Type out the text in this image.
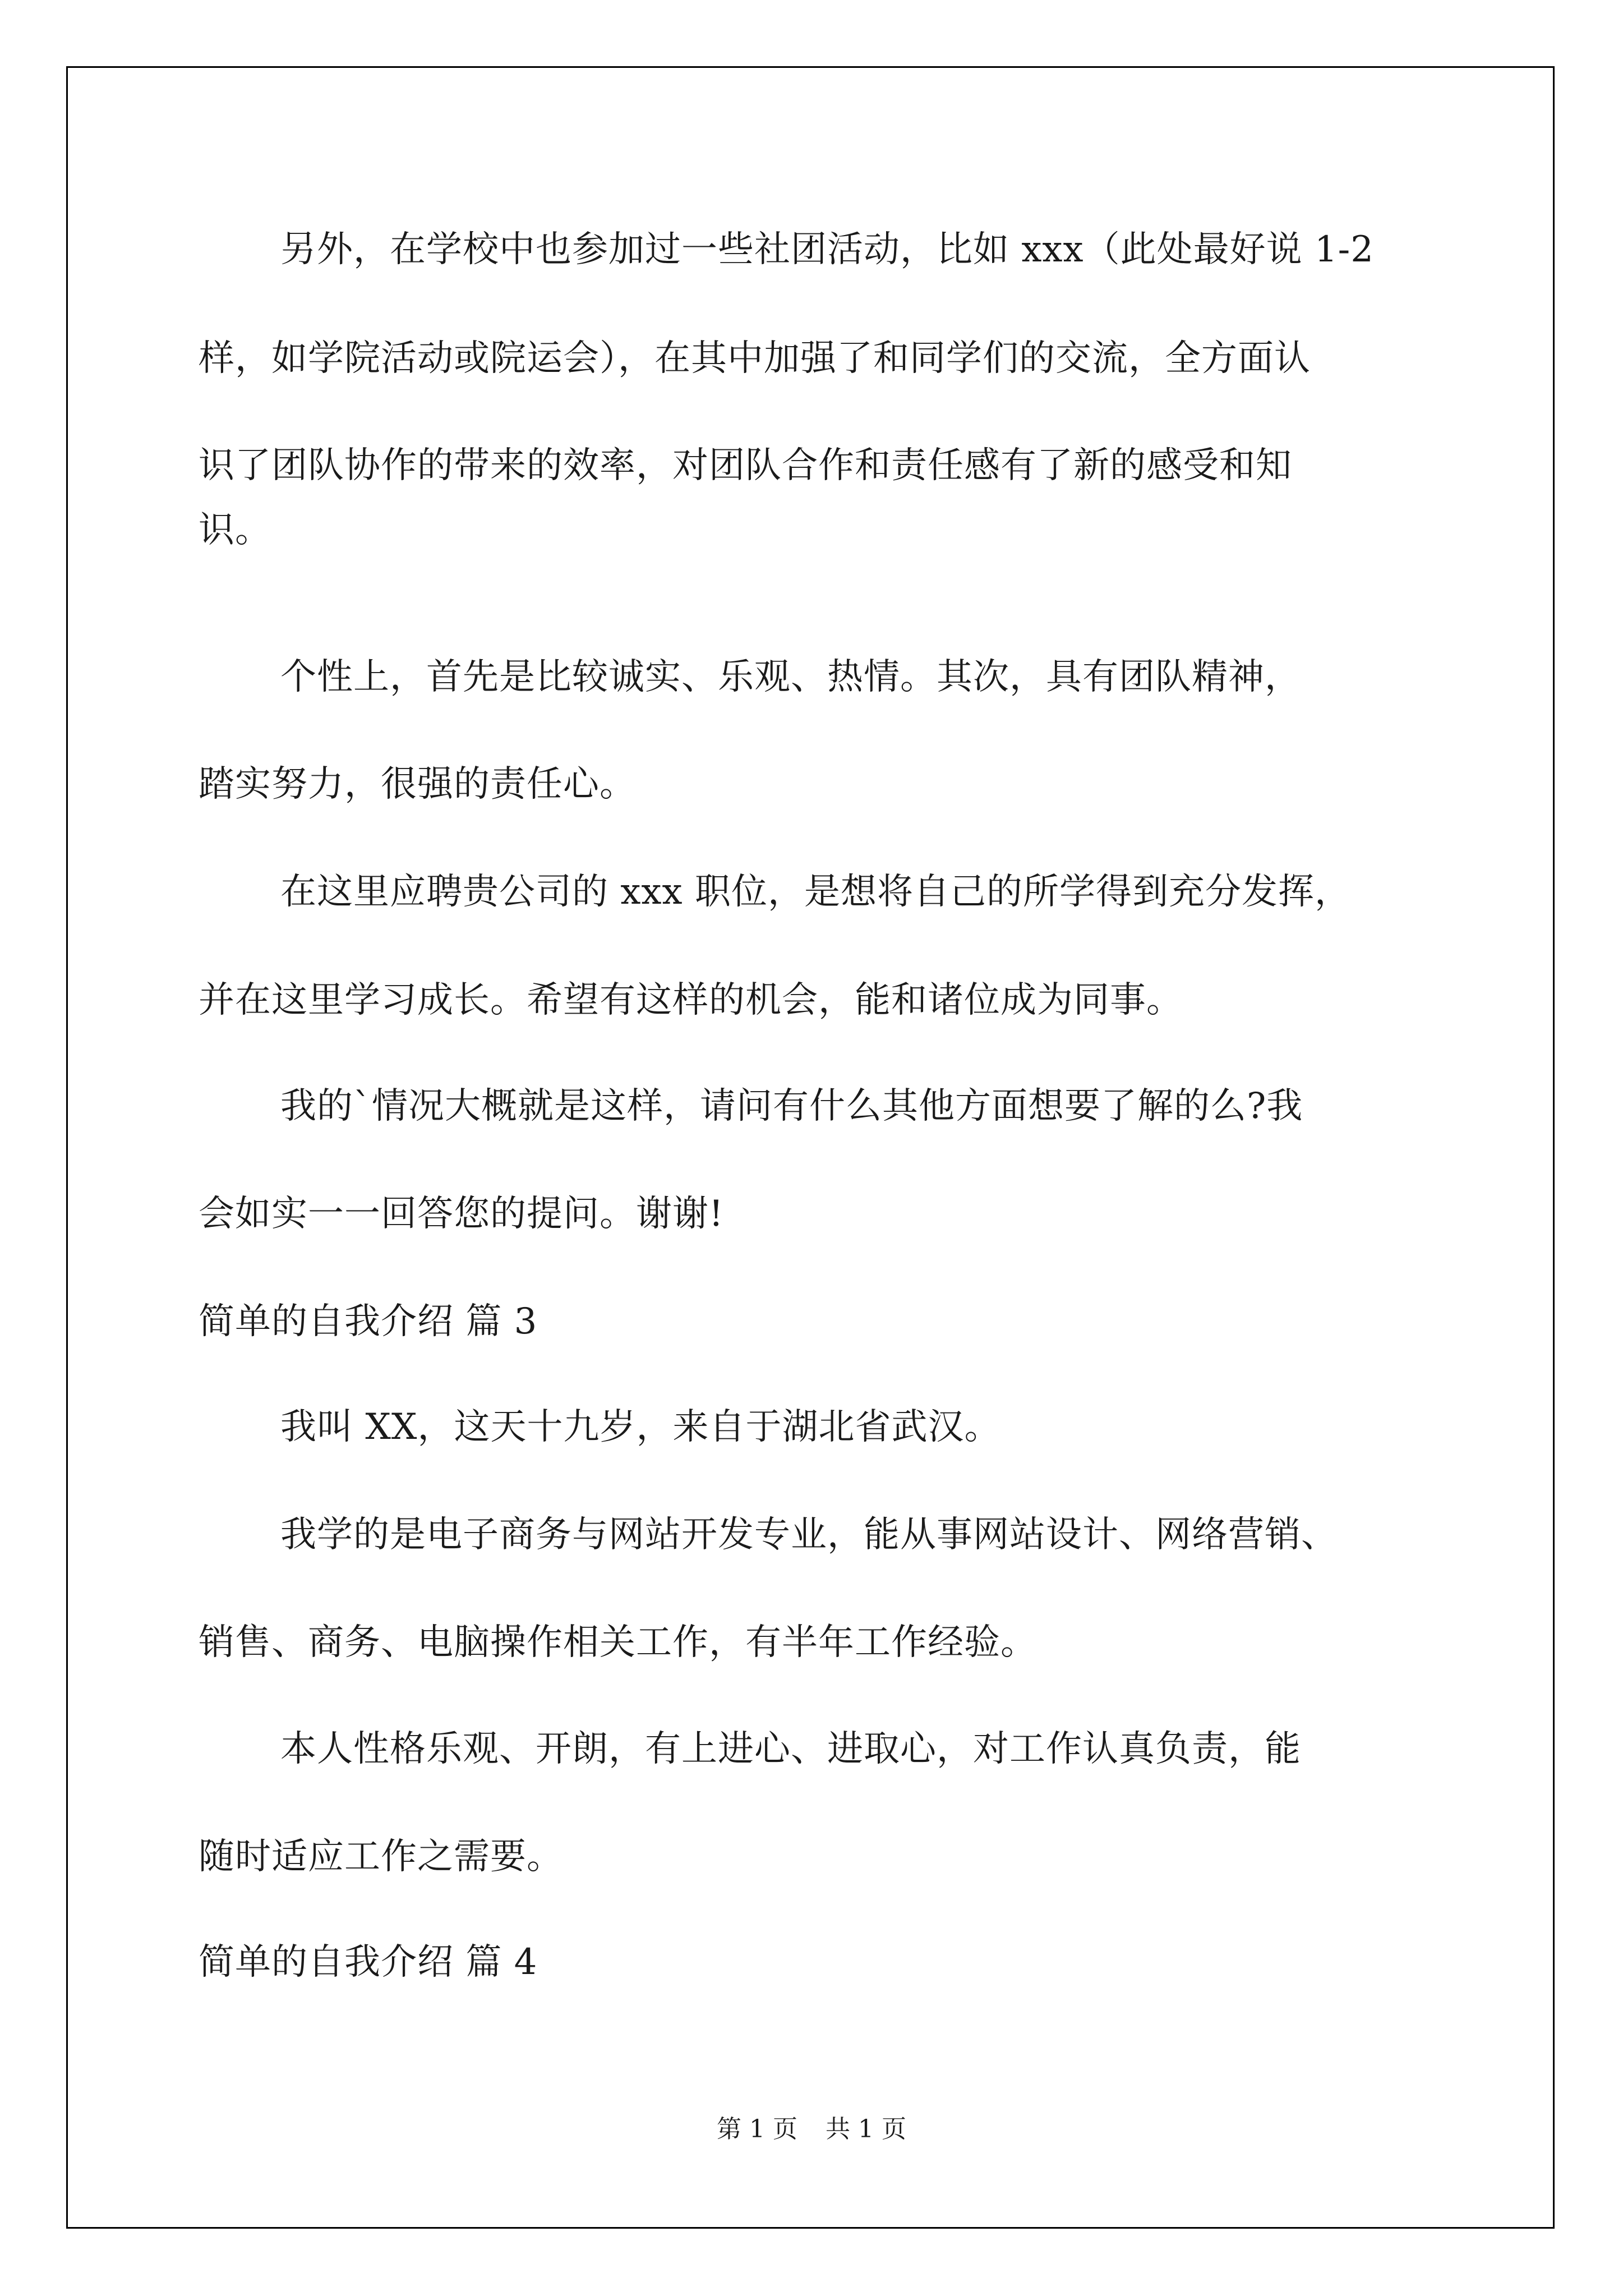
另外，在学校中也参加过一些社团活动，比如 xxx（此处最好说 1-2
样，如学院活动或院运会），在其中加强了和同学们的交流，全方面认
识了团队协作的带来的效率，对团队合作和责任感有了新的感受和知
识。
个性上，首先是比较诚实、乐观、热情。其次，具有团队精神，
踏实努力，很强的责任心。
在这里应聘贵公司的 xxx 职位，是想将自己的所学得到充分发挥，
并在这里学习成长。希望有这样的机会，能和诸位成为同事。
我的`情况大概就是这样，请问有什么其他方面想要了解的么?我
会如实一一回答您的提问。谢谢!
简单的自我介绍 篇 3
我叫 XX，这天十九岁，来自于湖北省武汉。
我学的是电子商务与网站开发专业，能从事网站设计、网络营销、
销售、商务、电脑操作相关工作，有半年工作经验。
本人性格乐观、开朗，有上进心、进取心，对工作认真负责，能
随时适应工作之需要。
简单的自我介绍 篇 4
第 1 页 共 1 页
